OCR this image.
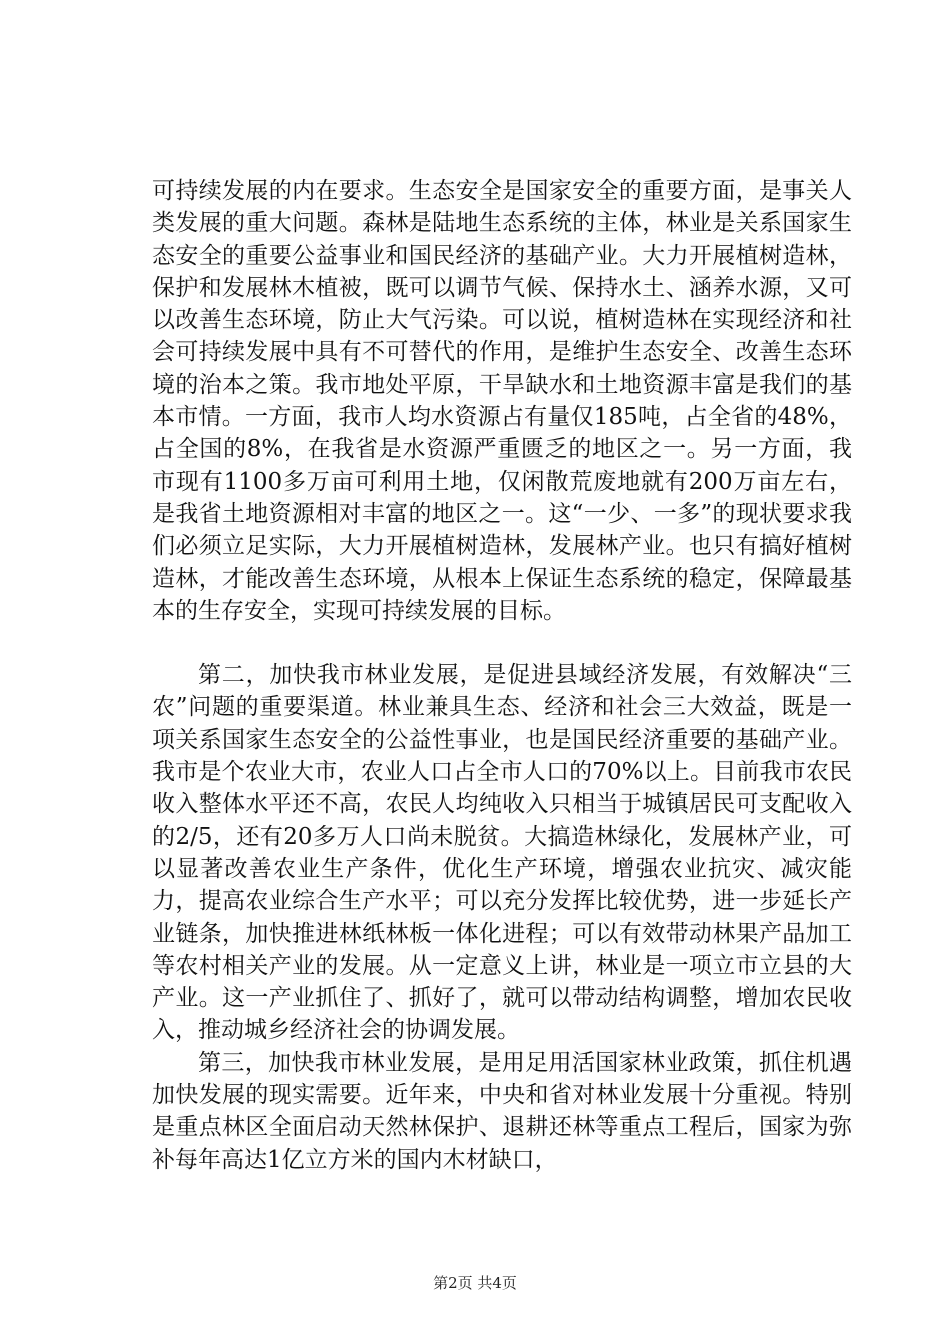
可持续发展的内在要求。生态安全是国家安全的重要方面，是事关人类发展的重大问题。森林是陆地生态系统的主体，林业是关系国家生态安全的重要公益事业和国民经济的基础产业。大力开展植树造林，保护和发展林木植被，既可以调节气候、保持水土、涵养水源，又可以改善生态环境，防止大气污染。可以说，植树造林在实现经济和社会可持续发展中具有不可替代的作用，是维护生态安全、改善生态环境的治本之策。我市地处平原，干旱缺水和土地资源丰富是我们的基本市情。一方面，我市人均水资源占有量仅185吨，占全省的48%，占全国的8%，在我省是水资源严重匮乏的地区之一。另一方面，我市现有1100多万亩可利用土地，仅闲散荒废地就有200万亩左右，是我省土地资源相对丰富的地区之一。这“一少、一多”的现状要求我们必须立足实际，大力开展植树造林，发展林产业。也只有搞好植树造林，才能改善生态环境，从根本上保证生态系统的稳定，保障最基本的生存安全，实现可持续发展的目标。

第二，加快我市林业发展，是促进县域经济发展，有效解决“三农”问题的重要渠道。林业兼具生态、经济和社会三大效益，既是一项关系国家生态安全的公益性事业，也是国民经济重要的基础产业。我市是个农业大市，农业人口占全市人口的70%以上。目前我市农民收入整体水平还不高，农民人均纯收入只相当于城镇居民可支配收入的2/5，还有20多万人口尚未脱贫。大搞造林绿化，发展林产业，可以显著改善农业生产条件，优化生产环境，增强农业抗灾、减灾能力，提高农业综合生产水平；可以充分发挥比较优势，进一步延长产业链条，加快推进林纸林板一体化进程；可以有效带动林果产品加工等农村相关产业的发展。从一定意义上讲，林业是一项立市立县的大产业。这一产业抓住了、抓好了，就可以带动结构调整，增加农民收入，推动城乡经济社会的协调发展。

第三，加快我市林业发展，是用足用活国家林业政策，抓住机遇加快发展的现实需要。近年来，中央和省对林业发展十分重视。特别是重点林区全面启动天然林保护、退耕还林等重点工程后，国家为弥补每年高达1亿立方米的国内木材缺口，

第2页 共4页
